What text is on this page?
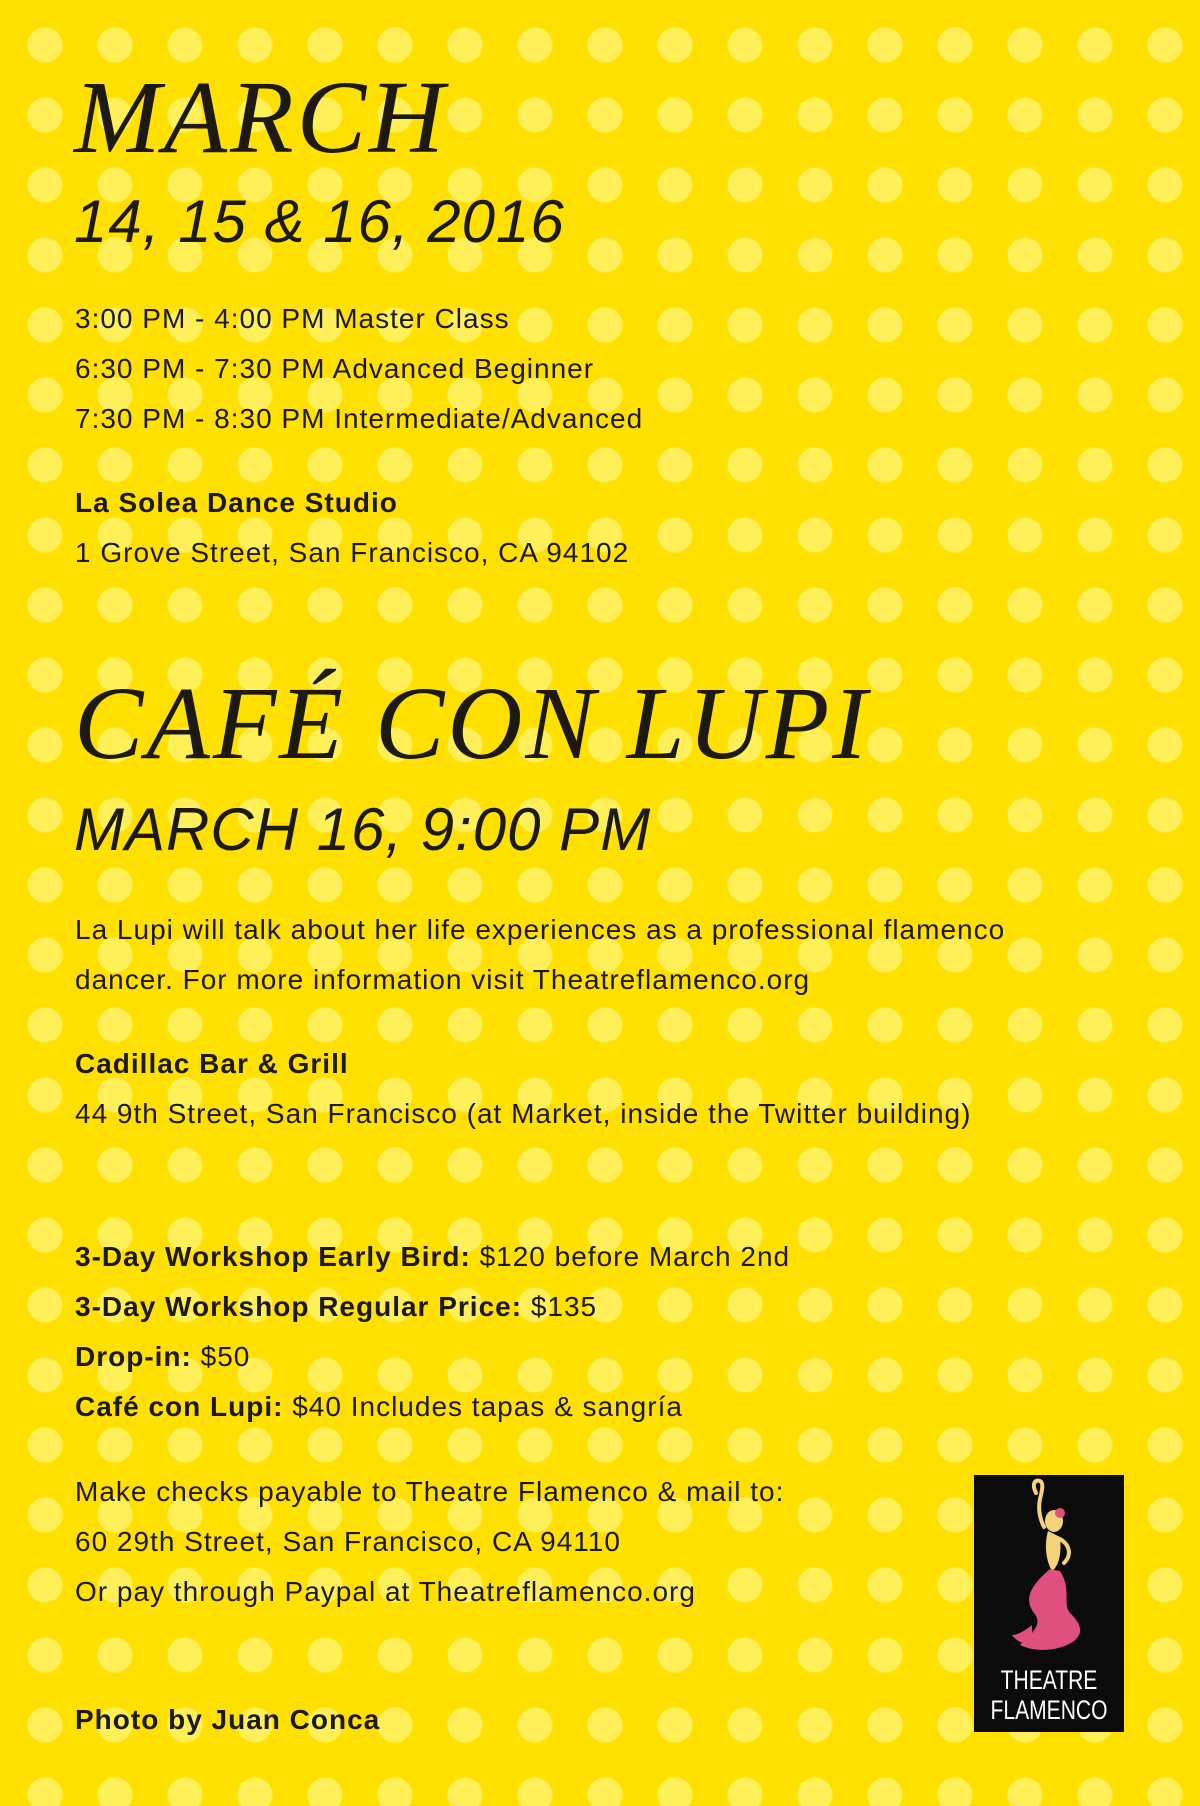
MARCH
14, 15 & 16, 2016
3:00 PM - 4:00 PM Master Class
6:30 PM - 7:30 PM Advanced Beginner
7:30 PM - 8:30 PM Intermediate/Advanced
La Solea Dance Studio
1 Grove Street, San Francisco, CA 94102
CAFÉ CON LUPI
MARCH 16, 9:00 PM
La Lupi will talk about her life experiences as a professional flamenco
dancer. For more information visit Theatreflamenco.org
Cadillac Bar & Grill
44 9th Street, San Francisco (at Market, inside the Twitter building)
3-Day Workshop Early Bird: $120 before March 2nd
3-Day Workshop Regular Price: $135
Drop-in: $50
Café con Lupi: $40 Includes tapas & sangría
Make checks payable to Theatre Flamenco & mail to:
60 29th Street, San Francisco, CA 94110
Or pay through Paypal at Theatreflamenco.org
Photo by Juan Conca
THEATRE
FLAMENCO
